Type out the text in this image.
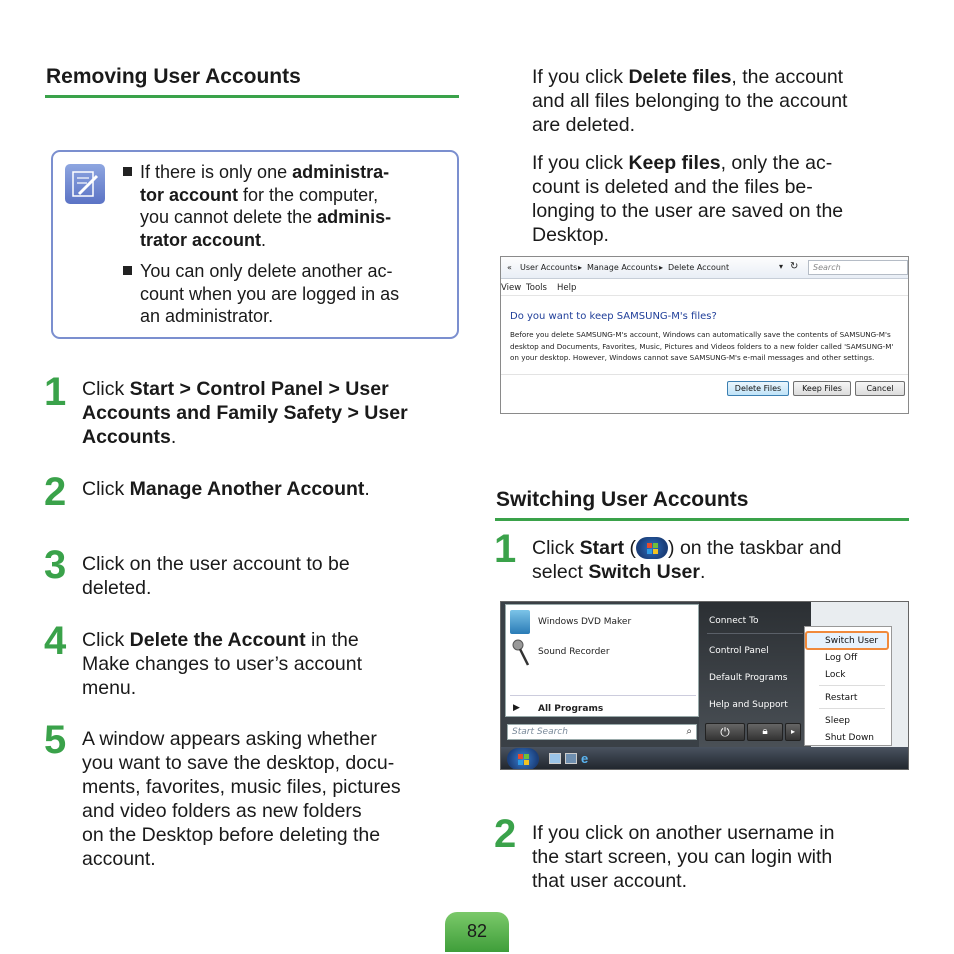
Removing User Accounts
If there is only one administra-
tor account for the computer,
you cannot delete the adminis-
trator account.
You can only delete another ac-
count when you are logged in as
an administrator.
1 Click Start > Control Panel > User
Accounts and Family Safety > User
Accounts.
2 Click Manage Another Account.
3 Click on the user account to be
deleted.
4 Click Delete the Account in the
Make changes to user’s account
menu.
5 A window appears asking whether
you want to save the desktop, docu-
ments, favorites, music files, pictures
and video folders as new folders
on the Desktop before deleting the
account.
If you click Delete files, the account
and all files belonging to the account
are deleted.
If you click Keep files, only the ac-
count is deleted and the files be-
longing to the user are saved on the
Desktop.
« User Accounts ▸ Manage Accounts ▸ Delete Account	▾ ↻ Search
View Tools Help
Do you want to keep SAMSUNG-M's files?
Before you delete SAMSUNG-M's account, Windows can automatically save the contents of SAMSUNG-M's
desktop and Documents, Favorites, Music, Pictures and Videos folders to a new folder called 'SAMSUNG-M'
on your desktop. However, Windows cannot save SAMSUNG-M's e-mail messages and other settings.
Delete Files	Keep Files	Cancel
Switching User Accounts
1 Click Start ( ) on the taskbar and
select Switch User.
Windows DVD Maker
Sound Recorder
▶ All Programs
Start Search	⌕
Connect To
Control Panel
Default Programs
Help and Support
⏻	🔒︎	▸
Switch User
Log Off
Lock
Restart
Sleep
Shut Down
e
2 If you click on another username in
the start screen, you can login with
that user account.
82
